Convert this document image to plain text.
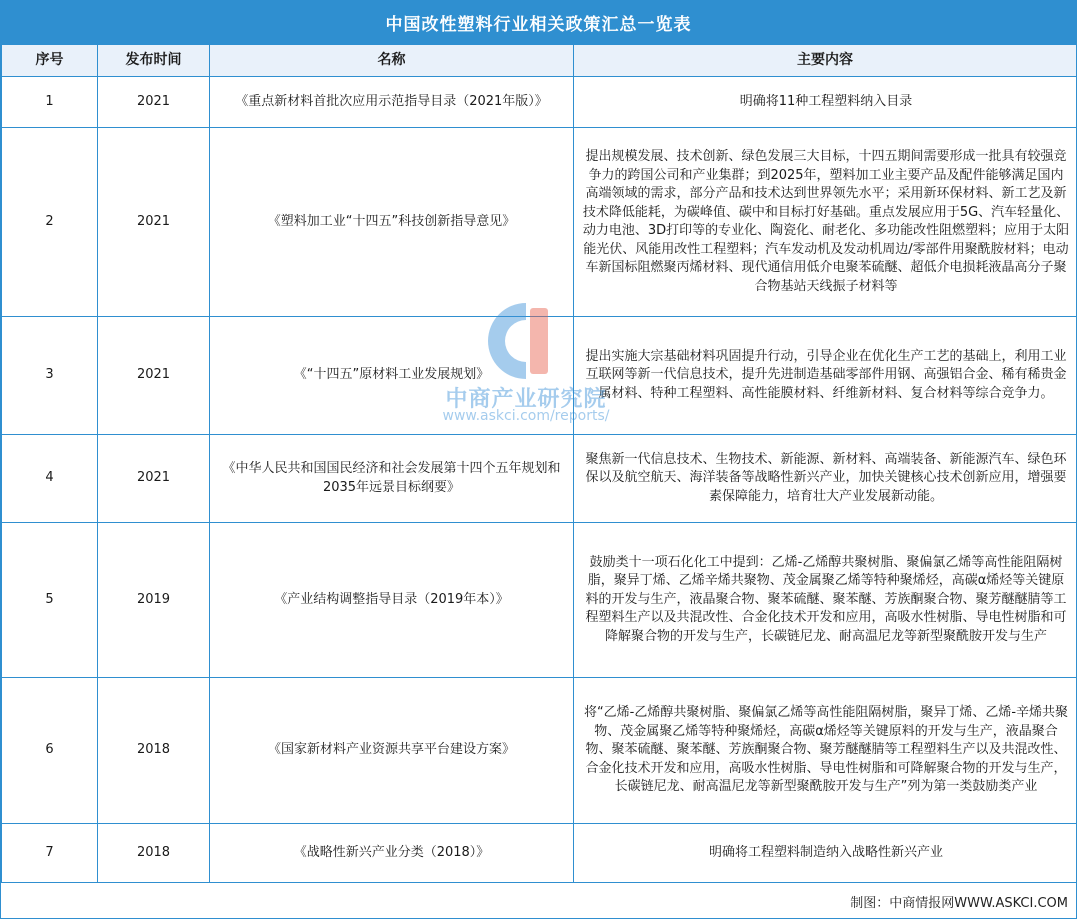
中国改性塑料行业相关政策汇总一览表
序号	发布时间	名称	主要内容
1	2021	《重点新材料首批次应用示范指导目录（2021年版）》	明确将11种工程塑料纳入目录
2	2021	《塑料加工业“十四五”科技创新指导意见》	提出规模发展、技术创新、绿色发展三大目标，十四五期间需要形成一批具有较强竞争力的跨国公司和产业集群；到2025年，塑料加工业主要产品及配件能够满足国内高端领域的需求，部分产品和技术达到世界领先水平；采用新环保材料、新工艺及新技术降低能耗，为碳峰值、碳中和目标打好基础。重点发展应用于5G、汽车轻量化、动力电池、3D打印等的专业化、陶瓷化、耐老化、多功能改性阻燃塑料；应用于太阳能光伏、风能用改性工程塑料；汽车发动机及发动机周边/零部件用聚酰胺材料；电动车新国标阻燃聚丙烯材料、现代通信用低介电聚苯硫醚、超低介电损耗液晶高分子聚合物基站天线振子材料等
3	2021	《“十四五”原材料工业发展规划》	提出实施大宗基础材料巩固提升行动，引导企业在优化生产工艺的基础上，利用工业互联网等新一代信息技术，提升先进制造基础零部件用钢、高强铝合金、稀有稀贵金属材料、特种工程塑料、高性能膜材料、纤维新材料、复合材料等综合竞争力。
4	2021	《中华人民共和国国民经济和社会发展第十四个五年规划和2035年远景目标纲要》	聚焦新一代信息技术、生物技术、新能源、新材料、高端装备、新能源汽车、绿色环保以及航空航天、海洋装备等战略性新兴产业，加快关键核心技术创新应用，增强要素保障能力，培育壮大产业发展新动能。
5	2019	《产业结构调整指导目录（2019年本）》	鼓励类十一项石化化工中提到：乙烯-乙烯醇共聚树脂、聚偏氯乙烯等高性能阻隔树脂，聚异丁烯、乙烯辛烯共聚物、茂金属聚乙烯等特种聚烯烃，高碳α烯烃等关键原料的开发与生产，液晶聚合物、聚苯硫醚、聚苯醚、芳族酮聚合物、聚芳醚醚腈等工程塑料生产以及共混改性、合金化技术开发和应用，高吸水性树脂、导电性树脂和可降解聚合物的开发与生产，长碳链尼龙、耐高温尼龙等新型聚酰胺开发与生产
6	2018	《国家新材料产业资源共享平台建设方案》	将“乙烯-乙烯醇共聚树脂、聚偏氯乙烯等高性能阻隔树脂，聚异丁烯、乙烯-辛烯共聚物、茂金属聚乙烯等特种聚烯烃，高碳α烯烃等关键原料的开发与生产，液晶聚合物、聚苯硫醚、聚苯醚、芳族酮聚合物、聚芳醚醚腈等工程塑料生产以及共混改性、合金化技术开发和应用，高吸水性树脂、导电性树脂和可降解聚合物的开发与生产，长碳链尼龙、耐高温尼龙等新型聚酰胺开发与生产”列为第一类鼓励类产业
7	2018	《战略性新兴产业分类（2018）》	明确将工程塑料制造纳入战略性新兴产业
制图：中商情报网WWW.ASKCI.COM
中商产业研究院
www.askci.com/reports/
